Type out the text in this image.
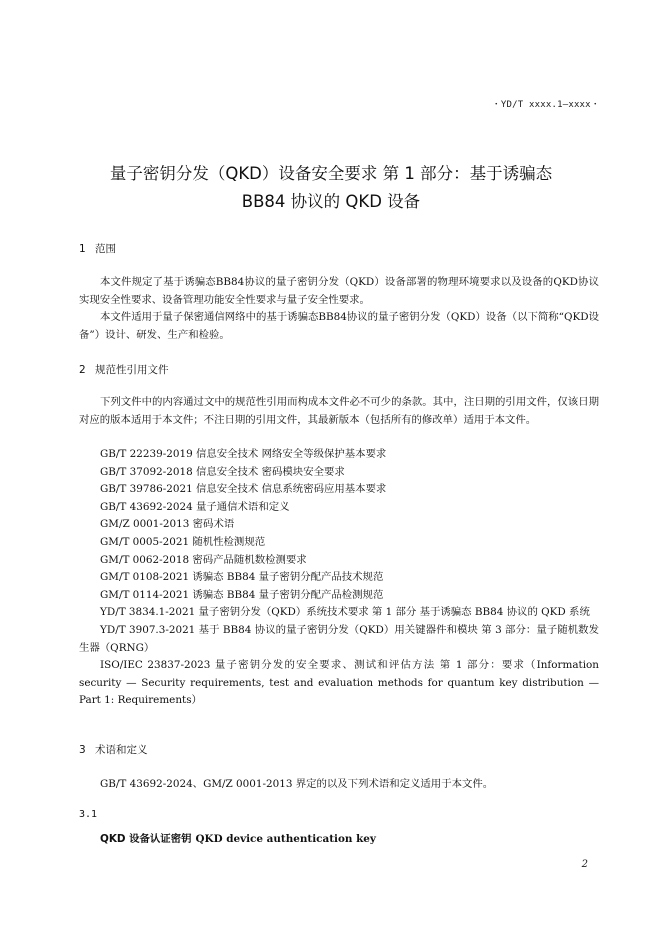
・YD/T xxxx.1—xxxx・
量子密钥分发（QKD）设备安全要求 第 1 部分：基于诱骗态
BB84 协议的 QKD 设备
1 范围

本文件规定了基于诱骗态BB84协议的量子密钥分发（QKD）设备部署的物理环境要求以及设备的QKD协议实现安全性要求、设备管理功能安全性要求与量子安全性要求。

本文件适用于量子保密通信网络中的基于诱骗态BB84协议的量子密钥分发（QKD）设备（以下简称“QKD设备”）设计、研发、生产和检验。

2 规范性引用文件

下列文件中的内容通过文中的规范性引用而构成本文件必不可少的条款。其中，注日期的引用文件，仅该日期对应的版本适用于本文件；不注日期的引用文件，其最新版本（包括所有的修改单）适用于本文件。

GB/T 22239-2019 信息安全技术 网络安全等级保护基本要求
GB/T 37092-2018 信息安全技术 密码模块安全要求
GB/T 39786-2021 信息安全技术 信息系统密码应用基本要求
GB/T 43692-2024 量子通信术语和定义
GM/Z 0001-2013 密码术语
GM/T 0005-2021 随机性检测规范
GM/T 0062-2018 密码产品随机数检测要求
GM/T 0108-2021 诱骗态 BB84 量子密钥分配产品技术规范
GM/T 0114-2021 诱骗态 BB84 量子密钥分配产品检测规范
YD/T 3834.1-2021 量子密钥分发（QKD）系统技术要求 第 1 部分 基于诱骗态 BB84 协议的 QKD 系统
YD/T 3907.3-2021 基于 BB84 协议的量子密钥分发（QKD）用关键器件和模块 第 3 部分：量子随机数发生器（QRNG）
ISO/IEC 23837-2023 量子密钥分发的安全要求、测试和评估方法 第 1 部分：要求（Information security — Security requirements, test and evaluation methods for quantum key distribution — Part 1: Requirements）
3 术语和定义

GB/T 43692-2024、GM/Z 0001-2013 界定的以及下列术语和定义适用于本文件。

3.1
QKD 设备认证密钥 QKD device authentication key
2
